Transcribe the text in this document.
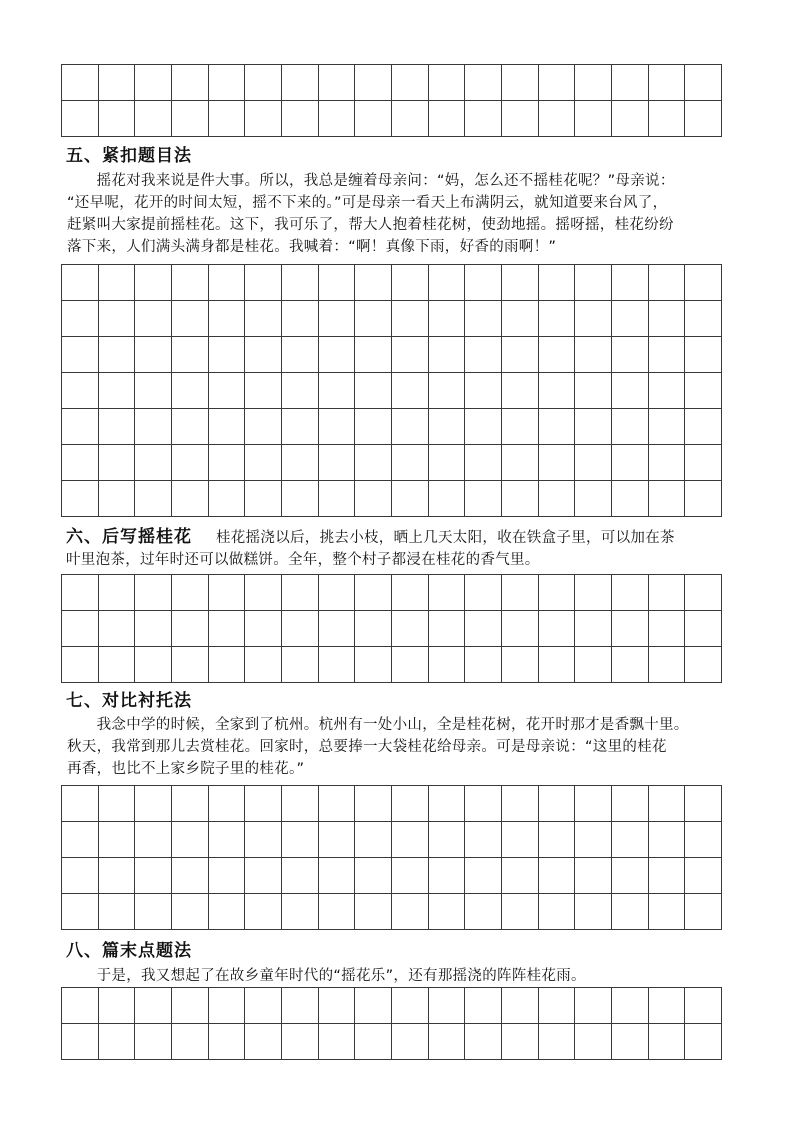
五、紧扣题目法

　　摇花对我来说是件大事。所以，我总是缠着母亲问：“妈，怎么还不摇桂花呢？”母亲说：
“还早呢，花开的时间太短，摇不下来的。”可是母亲一看天上布满阴云，就知道要来台风了，
赶紧叫大家提前摇桂花。这下，我可乐了，帮大人抱着桂花树，使劲地摇。摇呀摇，桂花纷纷
落下来，人们满头满身都是桂花。我喊着：“啊！真像下雨，好香的雨啊！”

六、后写摇桂花 桂花摇浇以后，挑去小枝，晒上几天太阳，收在铁盒子里，可以加在茶
叶里泡茶，过年时还可以做糕饼。全年，整个村子都浸在桂花的香气里。

七、对比衬托法

　　我念中学的时候，全家到了杭州。杭州有一处小山，全是桂花树，花开时那才是香飘十里。
秋天，我常到那儿去赏桂花。回家时，总要捧一大袋桂花给母亲。可是母亲说：“这里的桂花
再香，也比不上家乡院子里的桂花。”

八、篇末点题法

　　于是，我又想起了在故乡童年时代的“摇花乐”，还有那摇浇的阵阵桂花雨。
